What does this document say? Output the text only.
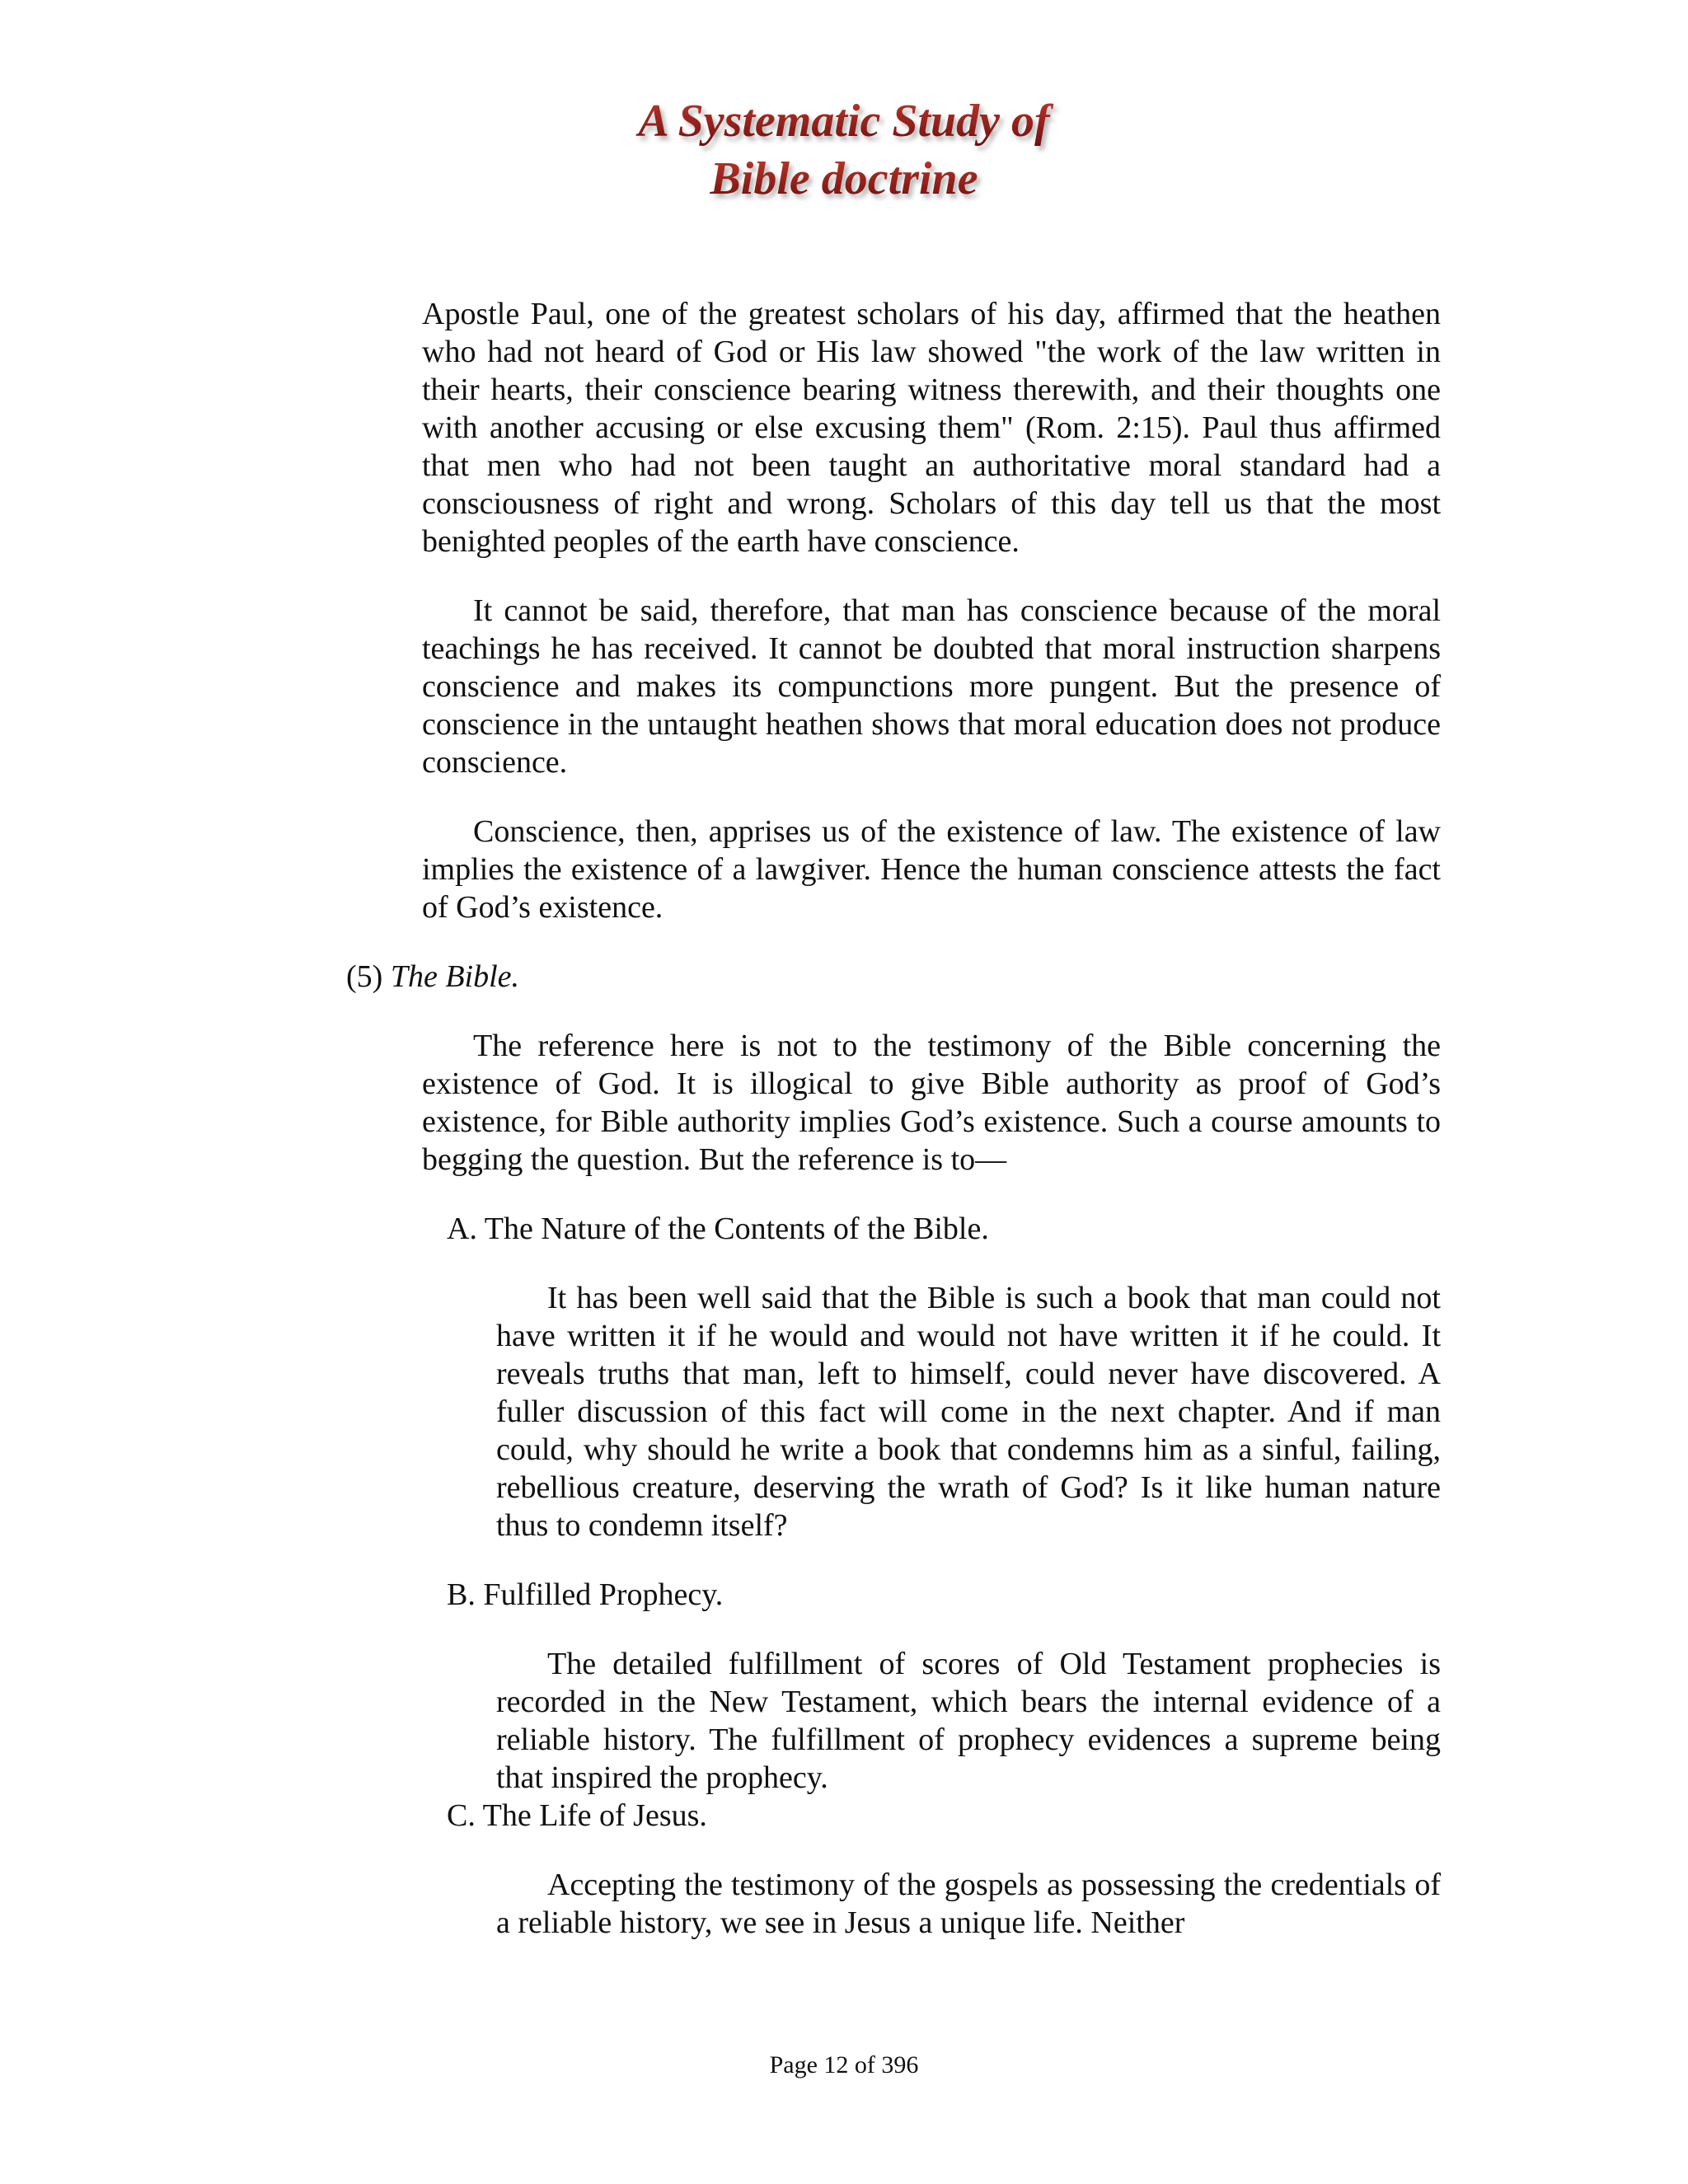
A Systematic Study of
Bible doctrine

Apostle Paul, one of the greatest scholars of his day, affirmed that the heathen who had not heard of God or His law showed "the work of the law written in their hearts, their conscience bearing witness therewith, and their thoughts one with another accusing or else excusing them" (Rom. 2:15). Paul thus affirmed that men who had not been taught an authoritative moral standard had a consciousness of right and wrong. Scholars of this day tell us that the most benighted peoples of the earth have conscience.

It cannot be said, therefore, that man has conscience because of the moral teachings he has received. It cannot be doubted that moral instruction sharpens conscience and makes its compunctions more pungent. But the presence of conscience in the untaught heathen shows that moral education does not produce conscience.

Conscience, then, apprises us of the existence of law. The existence of law implies the existence of a lawgiver. Hence the human conscience attests the fact of God’s existence.

(5) The Bible.

The reference here is not to the testimony of the Bible concerning the existence of God. It is illogical to give Bible authority as proof of God’s existence, for Bible authority implies God’s existence. Such a course amounts to begging the question. But the reference is to—

A. The Nature of the Contents of the Bible.

It has been well said that the Bible is such a book that man could not have written it if he would and would not have written it if he could. It reveals truths that man, left to himself, could never have discovered. A fuller discussion of this fact will come in the next chapter. And if man could, why should he write a book that condemns him as a sinful, failing, rebellious creature, deserving the wrath of God? Is it like human nature thus to condemn itself?

B. Fulfilled Prophecy.

The detailed fulfillment of scores of Old Testament prophecies is recorded in the New Testament, which bears the internal evidence of a reliable history. The fulfillment of prophecy evidences a supreme being that inspired the prophecy.

C. The Life of Jesus.

Accepting the testimony of the gospels as possessing the credentials of a reliable history, we see in Jesus a unique life. Neither

Page 12 of 396
